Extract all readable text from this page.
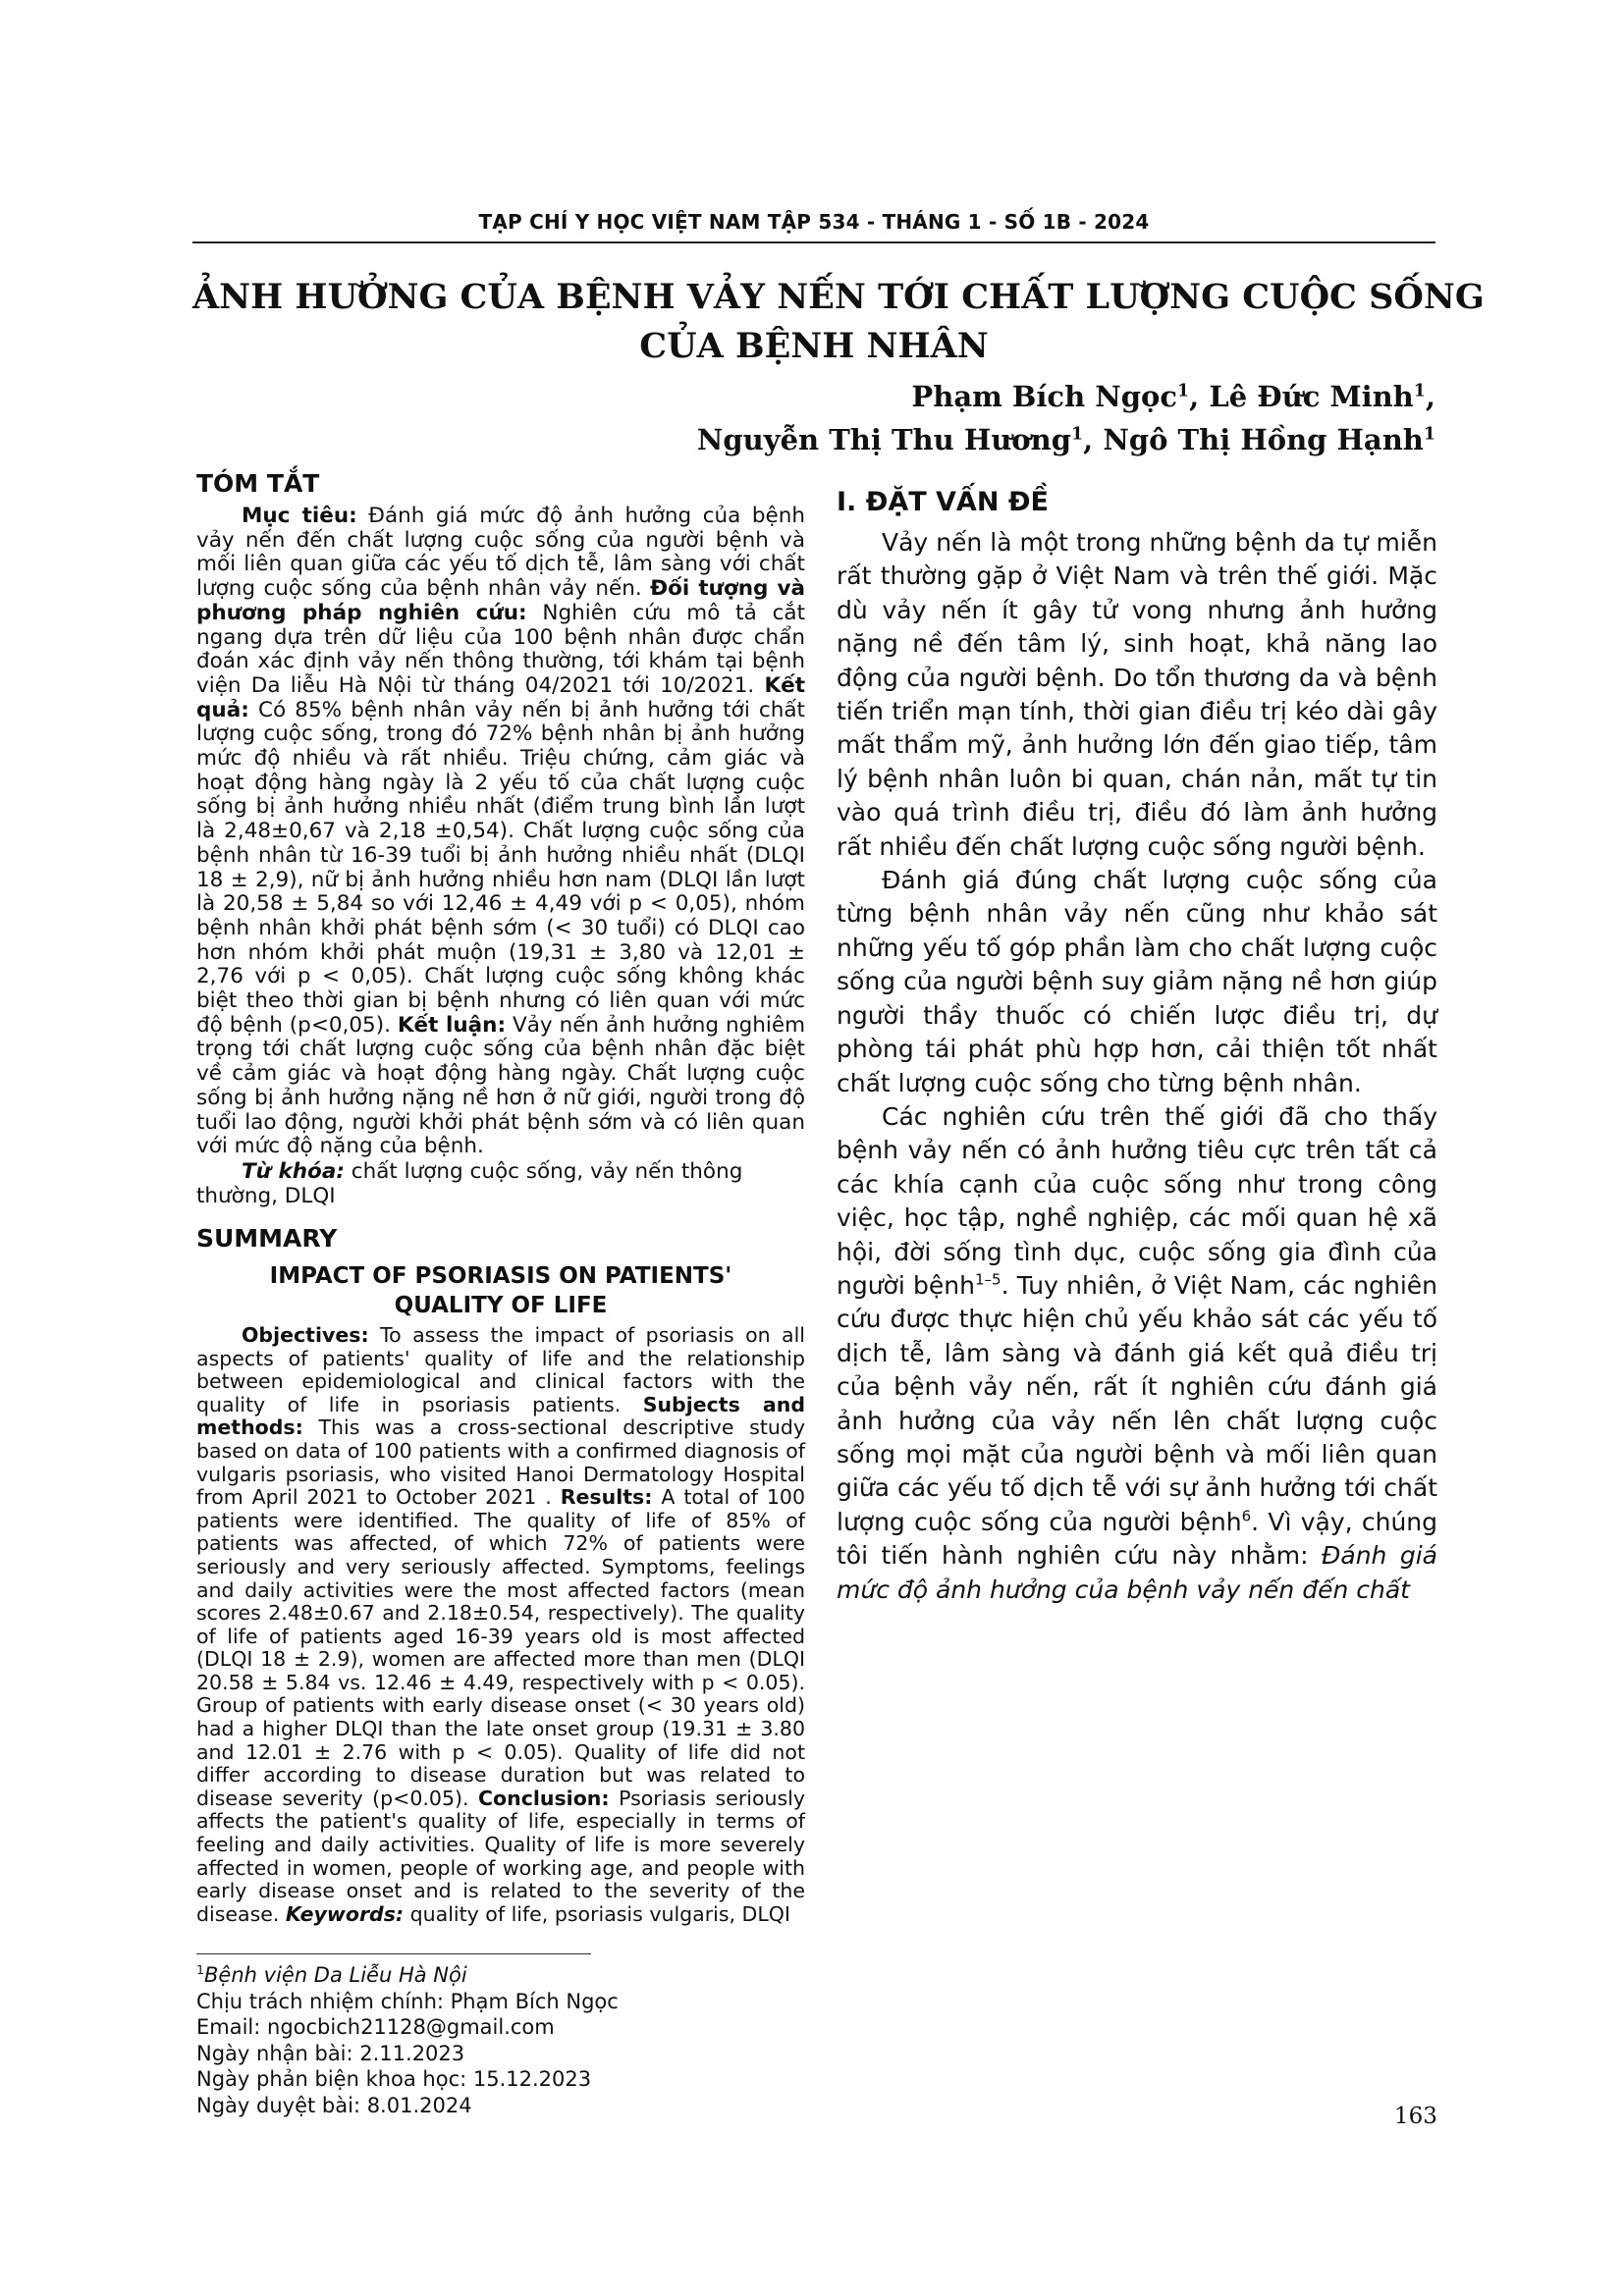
TẠP CHÍ Y HỌC VIỆT NAM TẬP 534 - THÁNG 1 - SỐ 1B - 2024
ẢNH HƯỞNG CỦA BỆNH VẢY NẾN TỚI CHẤT LƯỢNG CUỘC SỐNG
CỦA BỆNH NHÂN
Phạm Bích Ngọc$^1$, Lê Đức Minh$^1$,
Nguyễn Thị Thu Hương$^1$, Ngô Thị Hồng Hạnh$^1$
TÓM TẮT

Mục tiêu: Đánh giá mức độ ảnh hưởng của bệnh vảy nến đến chất lượng cuộc sống của người bệnh và mối liên quan giữa các yếu tố dịch tễ, lâm sàng với chất lượng cuộc sống của bệnh nhân vảy nến. Đối tượng và phương pháp nghiên cứu: Nghiên cứu mô tả cắt ngang dựa trên dữ liệu của 100 bệnh nhân được chẩn đoán xác định vảy nến thông thường, tới khám tại bệnh viện Da liễu Hà Nội từ tháng 04/2021 tới 10/2021. Kết quả: Có 85% bệnh nhân vảy nến bị ảnh hưởng tới chất lượng cuộc sống, trong đó 72% bệnh nhân bị ảnh hưởng mức độ nhiều và rất nhiều. Triệu chứng, cảm giác và hoạt động hàng ngày là 2 yếu tố của chất lượng cuộc sống bị ảnh hưởng nhiều nhất (điểm trung bình lần lượt là 2,48±0,67 và 2,18 ±0,54). Chất lượng cuộc sống của bệnh nhân từ 16-39 tuổi bị ảnh hưởng nhiều nhất (DLQI 18 ± 2,9), nữ bị ảnh hưởng nhiều hơn nam (DLQI lần lượt là 20,58 ± 5,84 so với 12,46 ± 4,49 với p < 0,05), nhóm bệnh nhân khởi phát bệnh sớm (< 30 tuổi) có DLQI cao hơn nhóm khởi phát muộn (19,31 ± 3,80 và 12,01 ± 2,76 với p < 0,05). Chất lượng cuộc sống không khác biệt theo thời gian bị bệnh nhưng có liên quan với mức độ bệnh (p<0,05). Kết luận: Vảy nến ảnh hưởng nghiêm trọng tới chất lượng cuộc sống của bệnh nhân đặc biệt về cảm giác và hoạt động hàng ngày. Chất lượng cuộc sống bị ảnh hưởng nặng nề hơn ở nữ giới, người trong độ tuổi lao động, người khởi phát bệnh sớm và có liên quan với mức độ nặng của bệnh.

Từ khóa: chất lượng cuộc sống, vảy nến thông thường, DLQI

SUMMARY
IMPACT OF PSORIASIS ON PATIENTS'
QUALITY OF LIFE

Objectives: To assess the impact of psoriasis on all aspects of patients' quality of life and the relationship between epidemiological and clinical factors with the quality of life in psoriasis patients. Subjects and methods: This was a cross-sectional descriptive study based on data of 100 patients with a confirmed diagnosis of vulgaris psoriasis, who visited Hanoi Dermatology Hospital from April 2021 to October 2021 . Results: A total of 100 patients were identified. The quality of life of 85% of patients was affected, of which 72% of patients were seriously and very seriously affected. Symptoms, feelings and daily activities were the most affected factors (mean scores 2.48±0.67 and 2.18±0.54, respectively). The quality of life of patients aged 16-39 years old is most affected (DLQI 18 ± 2.9), women are affected more than men (DLQI 20.58 ± 5.84 vs. 12.46 ± 4.49, respectively with p < 0.05). Group of patients with early disease onset (< 30 years old) had a higher DLQI than the late onset group (19.31 ± 3.80 and 12.01 ± 2.76 with p < 0.05). Quality of life did not differ according to disease duration but was related to disease severity (p<0.05). Conclusion: Psoriasis seriously affects the patient's quality of life, especially in terms of feeling and daily activities. Quality of life is more severely affected in women, people of working age, and people with early disease onset and is related to the severity of the disease. Keywords: quality of life, psoriasis vulgaris, DLQI

$^1$Bệnh viện Da Liễu Hà Nội

Chịu trách nhiệm chính: Phạm Bích Ngọc

Email: ngocbich21128@gmail.com

Ngày nhận bài: 2.11.2023

Ngày phản biện khoa học: 15.12.2023

Ngày duyệt bài: 8.01.2024

I. ĐẶT VẤN ĐỀ

Vảy nến là một trong những bệnh da tự miễn rất thường gặp ở Việt Nam và trên thế giới. Mặc dù vảy nến ít gây tử vong nhưng ảnh hưởng nặng nề đến tâm lý, sinh hoạt, khả năng lao động của người bệnh. Do tổn thương da và bệnh tiến triển mạn tính, thời gian điều trị kéo dài gây mất thẩm mỹ, ảnh hưởng lớn đến giao tiếp, tâm lý bệnh nhân luôn bi quan, chán nản, mất tự tin vào quá trình điều trị, điều đó làm ảnh hưởng rất nhiều đến chất lượng cuộc sống người bệnh.

Đánh giá đúng chất lượng cuộc sống của từng bệnh nhân vảy nến cũng như khảo sát những yếu tố góp phần làm cho chất lượng cuộc sống của người bệnh suy giảm nặng nề hơn giúp người thầy thuốc có chiến lược điều trị, dự phòng tái phát phù hợp hơn, cải thiện tốt nhất chất lượng cuộc sống cho từng bệnh nhân.

Các nghiên cứu trên thế giới đã cho thấy bệnh vảy nến có ảnh hưởng tiêu cực trên tất cả các khía cạnh của cuộc sống như trong công việc, học tập, nghề nghiệp, các mối quan hệ xã hội, đời sống tình dục, cuộc sống gia đình của người bệnh$^{1-5}$. Tuy nhiên, ở Việt Nam, các nghiên cứu được thực hiện chủ yếu khảo sát các yếu tố dịch tễ, lâm sàng và đánh giá kết quả điều trị của bệnh vảy nến, rất ít nghiên cứu đánh giá ảnh hưởng của vảy nến lên chất lượng cuộc sống mọi mặt của người bệnh và mối liên quan giữa các yếu tố dịch tễ với sự ảnh hưởng tới chất lượng cuộc sống của người bệnh$^6$. Vì vậy, chúng tôi tiến hành nghiên cứu này nhằm: Đánh giá mức độ ảnh hưởng của bệnh vảy nến đến chất

163
